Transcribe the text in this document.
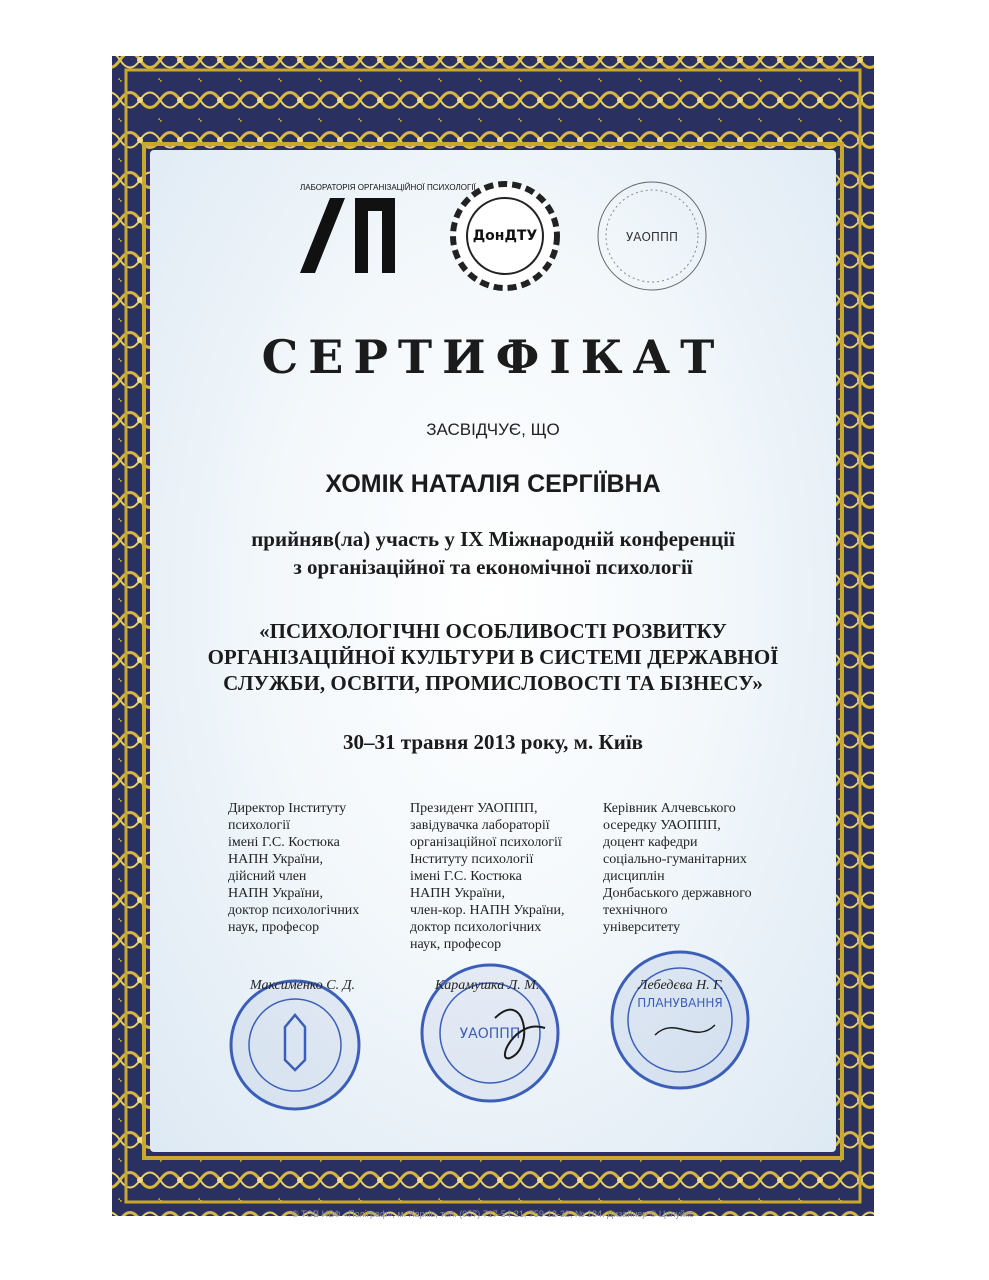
ЛАБОРАТОРІЯ ОРГАНІЗАЦІЙНОЇ ПСИХОЛОГІЇ
ДонДТУ	УАОППП
СЕРТИФІКАТ
ЗАСВІДЧУЄ, ЩО
ХОМІК НАТАЛІЯ СЕРГІЇВНА
прийняв(ла) участь у IX Міжнародній конференції
з організаційної та економічної психології
«ПСИХОЛОГІЧНІ ОСОБЛИВОСТІ РОЗВИТКУ
ОРГАНІЗАЦІЙНОЇ КУЛЬТУРИ В СИСТЕМІ ДЕРЖАВНОЇ
СЛУЖБИ, ОСВІТИ, ПРОМИСЛОВОСТІ ТА БІЗНЕСУ»
30–31 травня 2013 року, м. Київ
Директор Інституту
психології
імені Г.С. Костюка
НАПН України,
дійсний член
НАПН України,
доктор психологічних
наук, професор
Президент УАОППП,
завідувачка лабораторії
організаційної психології
Інституту психології
імені Г.С. Костюка
НАПН України,
член-кор. НАПН України,
доктор психологічних
наук, професор
Керівник Алчевського
осередку УАОППП,
доцент кафедри
соціально-гуманітарних
дисциплін
Донбаського державного
технічного
університету
УАОППП
ПЛАНУВАННЯ
Максименко С. Д.	Карамушка Л. М.	Лебедєва Н. Г.
© ТОВ НВФ «Поліграф», м. Харків, тел. (057) 717-54-21, 759-12-32, № 184. Дизайнер © Целуйко
